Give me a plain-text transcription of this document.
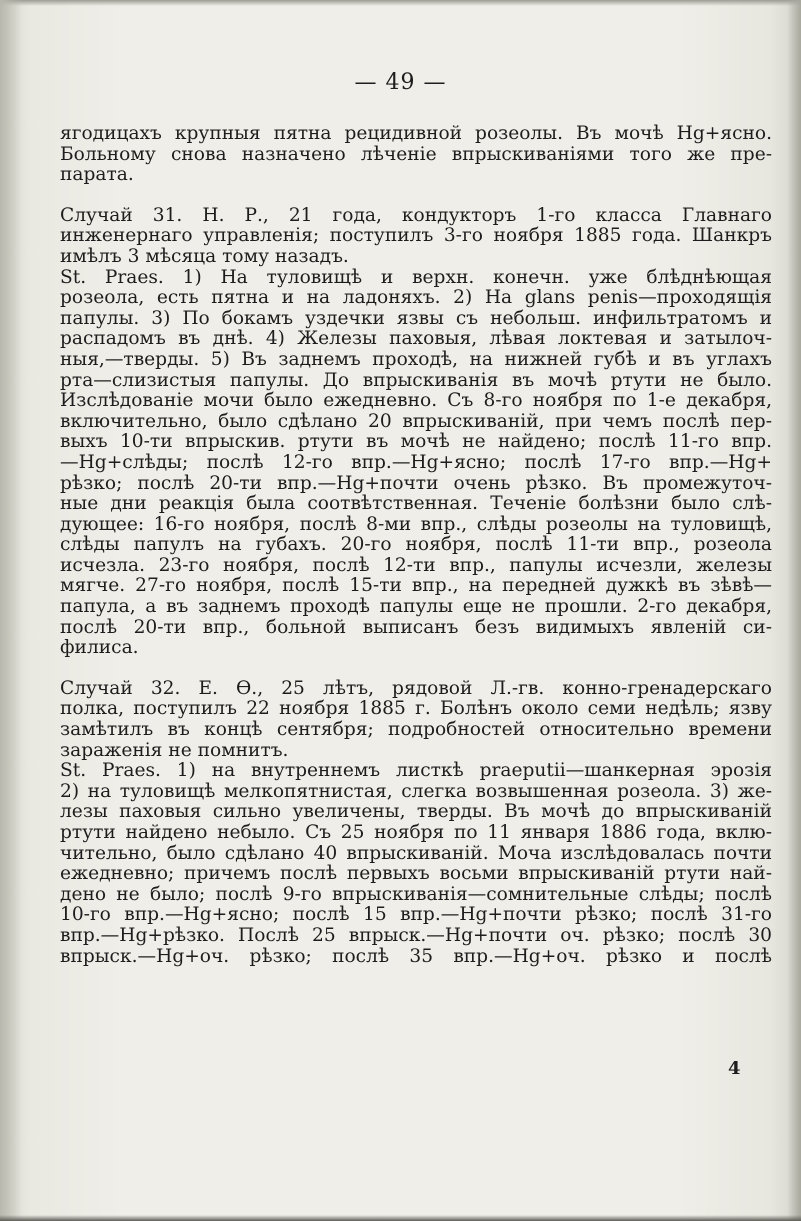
— 49 —
ягодицахъ крупныя пятна рецидивной розеолы. Въ мочѣ Hg+ясно.
Больному снова назначено лѣченіе впрыскиваніями того же пре-
парата.
Случай 31. Н. Р., 21 года, кондукторъ 1-го класса Главнаго
инженернаго управленія; поступилъ 3-го ноября 1885 года. Шанкръ
имѣлъ 3 мѣсяца тому назадъ.
St. Praes. 1) На туловищѣ и верхн. конечн. уже блѣднѣющая
розеола, есть пятна и на ладоняхъ. 2) На glans penis—проходящія
папулы. 3) По бокамъ уздечки язвы съ небольш. инфильтратомъ и
распадомъ въ днѣ. 4) Железы паховыя, лѣвая локтевая и затылоч-
ныя,—тверды. 5) Въ заднемъ проходѣ, на нижней губѣ и въ углахъ
рта—слизистыя папулы. До впрыскиванія въ мочѣ ртути не было.
Изслѣдованіе мочи было ежедневно. Съ 8-го ноября по 1-е декабря,
включительно, было сдѣлано 20 впрыскиваній, при чемъ послѣ пер-
выхъ 10-ти впрыскив. ртути въ мочѣ не найдено; послѣ 11-го впр.
—Hg+слѣды; послѣ 12-го впр.—Hg+ясно; послѣ 17-го впр.—Hg+
рѣзко; послѣ 20-ти впр.—Hg+почти очень рѣзко. Въ промежуточ-
ные дни реакція была соотвѣтственная. Теченіе болѣзни было слѣ-
дующее: 16-го ноября, послѣ 8-ми впр., слѣды розеолы на туловищѣ,
слѣды папулъ на губахъ. 20-го ноября, послѣ 11-ти впр., розеола
исчезла. 23-го ноября, послѣ 12-ти впр., папулы исчезли, железы
мягче. 27-го ноября, послѣ 15-ти впр., на передней дужкѣ въ зѣвѣ—
папула, а въ заднемъ проходѣ папулы еще не прошли. 2-го декабря,
послѣ 20-ти впр., больной выписанъ безъ видимыхъ явленій си-
филиса.
Случай 32. Е. Ѳ., 25 лѣтъ, рядовой Л.-гв. конно-гренадерскаго
полка, поступилъ 22 ноября 1885 г. Болѣнъ около семи недѣль; язву
замѣтилъ въ концѣ сентября; подробностей относительно времени
зараженія не помнитъ.
St. Praes. 1) на внутреннемъ листкѣ praeputii—шанкерная эрозія
2) на туловищѣ мелкопятнистая, слегка возвышенная розеола. 3) же-
лезы паховыя сильно увеличены, тверды. Въ мочѣ до впрыскиваній
ртути найдено небыло. Съ 25 ноября по 11 января 1886 года, вклю-
чительно, было сдѣлано 40 впрыскиваній. Моча изслѣдовалась почти
ежедневно; причемъ послѣ первыхъ восьми впрыскиваній ртути най-
дено не было; послѣ 9-го впрыскиванія—сомнительные слѣды; послѣ
10-го впр.—Hg+ясно; послѣ 15 впр.—Hg+почти рѣзко; послѣ 31-го
впр.—Hg+рѣзко. Послѣ 25 впрыск.—Hg+почти оч. рѣзко; послѣ 30
впрыск.—Hg+оч. рѣзко; послѣ 35 впр.—Hg+оч. рѣзко и послѣ
4
